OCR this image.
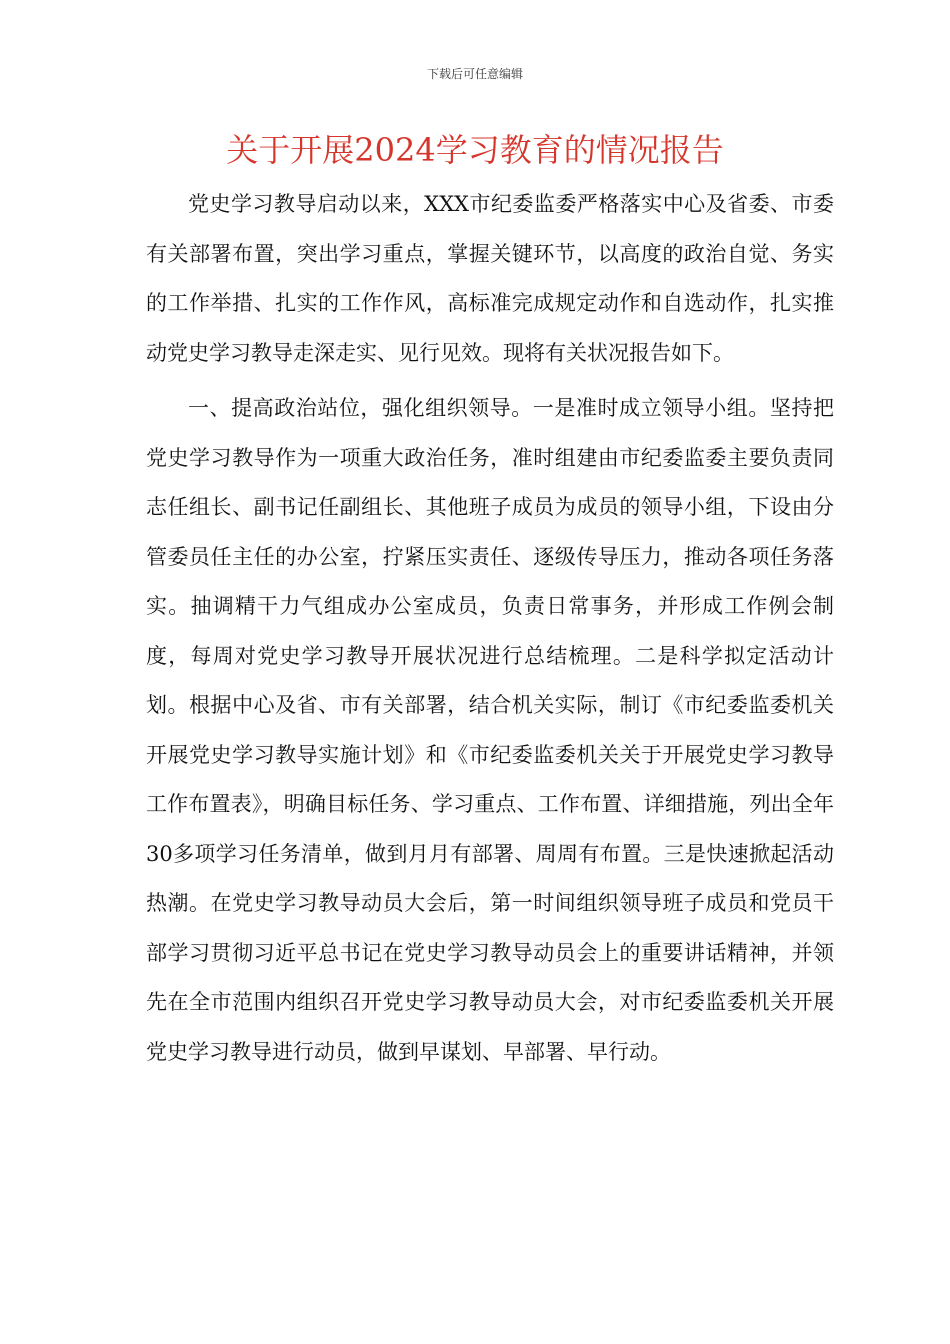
下载后可任意编辑
关于开展2024学习教育的情况报告

党史学习教导启动以来，XXX市纪委监委严格落实中心及省委、市委有关部署布置，突出学习重点，掌握关键环节，以高度的政治自觉、务实的工作举措、扎实的工作作风，高标准完成规定动作和自选动作，扎实推动党史学习教导走深走实、见行见效。现将有关状况报告如下。

一、提高政治站位，强化组织领导。一是准时成立领导小组。坚持把党史学习教导作为一项重大政治任务，准时组建由市纪委监委主要负责同志任组长、副书记任副组长、其他班子成员为成员的领导小组，下设由分管委员任主任的办公室，拧紧压实责任、逐级传导压力，推动各项任务落实。抽调精干力气组成办公室成员，负责日常事务，并形成工作例会制度，每周对党史学习教导开展状况进行总结梳理。二是科学拟定活动计划。根据中心及省、市有关部署，结合机关实际，制订《市纪委监委机关开展党史学习教导实施计划》和《市纪委监委机关关于开展党史学习教导工作布置表》，明确目标任务、学习重点、工作布置、详细措施，列出全年30多项学习任务清单，做到月月有部署、周周有布置。三是快速掀起活动热潮。在党史学习教导动员大会后，第一时间组织领导班子成员和党员干部学习贯彻习近平总书记在党史学习教导动员会上的重要讲话精神，并领先在全市范围内组织召开党史学习教导动员大会，对市纪委监委机关开展党史学习教导进行动员，做到早谋划、早部署、早行动。
